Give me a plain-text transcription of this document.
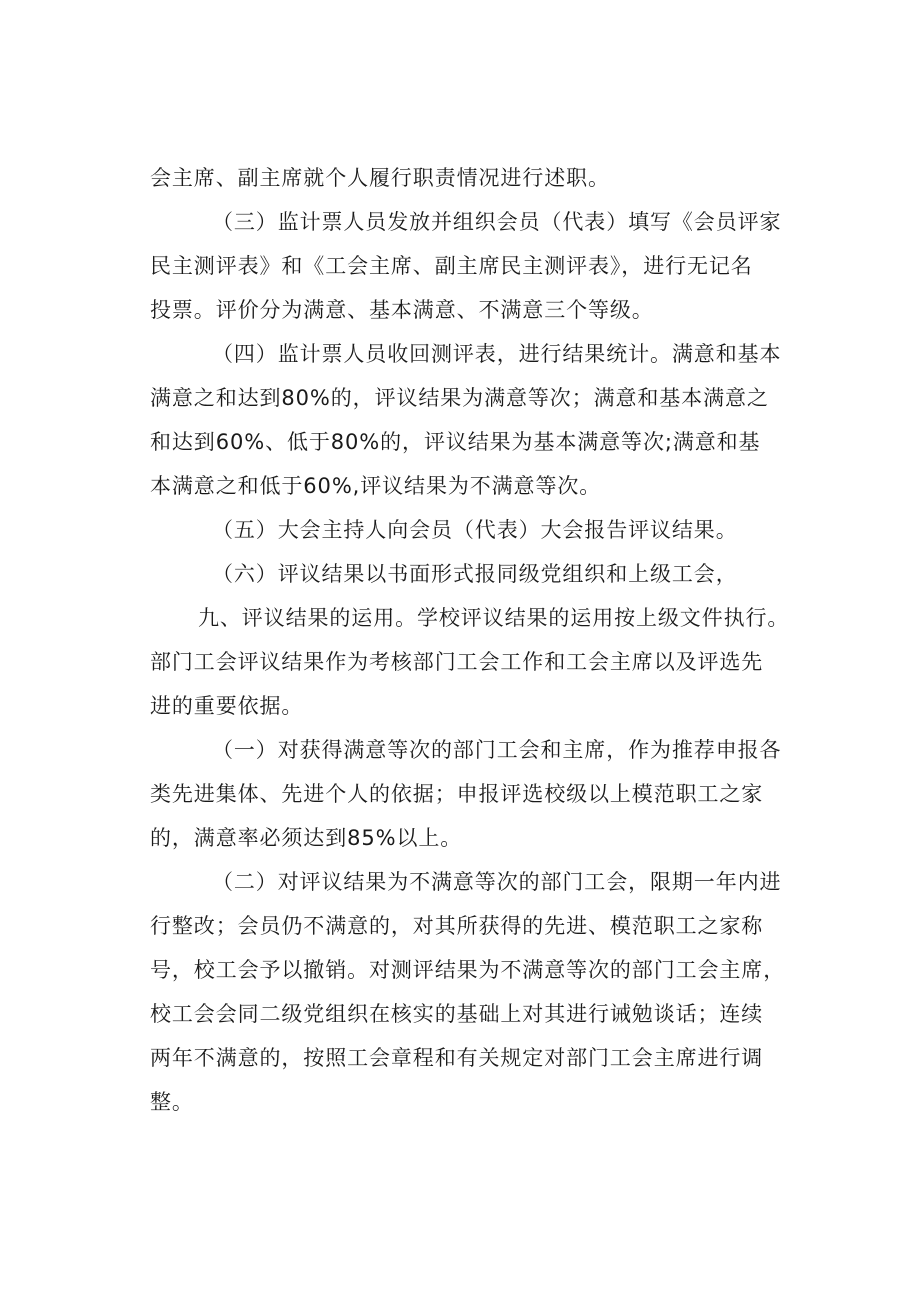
会主席、副主席就个人履行职责情况进行述职。

（三）监计票人员发放并组织会员（代表）填写《会员评家

民主测评表》和《工会主席、副主席民主测评表》，进行无记名

投票。评价分为满意、基本满意、不满意三个等级。

（四）监计票人员收回测评表，进行结果统计。满意和基本

满意之和达到80%的，评议结果为满意等次；满意和基本满意之

和达到60%、低于80%的，评议结果为基本满意等次;满意和基

本满意之和低于60%,评议结果为不满意等次。

（五）大会主持人向会员（代表）大会报告评议结果。

（六）评议结果以书面形式报同级党组织和上级工会，

九、评议结果的运用。学校评议结果的运用按上级文件执行。

部门工会评议结果作为考核部门工会工作和工会主席以及评选先

进的重要依据。

（一）对获得满意等次的部门工会和主席，作为推荐申报各

类先进集体、先进个人的依据；申报评选校级以上模范职工之家

的，满意率必须达到85%以上。

（二）对评议结果为不满意等次的部门工会，限期一年内进

行整改；会员仍不满意的，对其所获得的先进、模范职工之家称

号，校工会予以撤销。对测评结果为不满意等次的部门工会主席，

校工会会同二级党组织在核实的基础上对其进行诫勉谈话；连续

两年不满意的，按照工会章程和有关规定对部门工会主席进行调

整。
